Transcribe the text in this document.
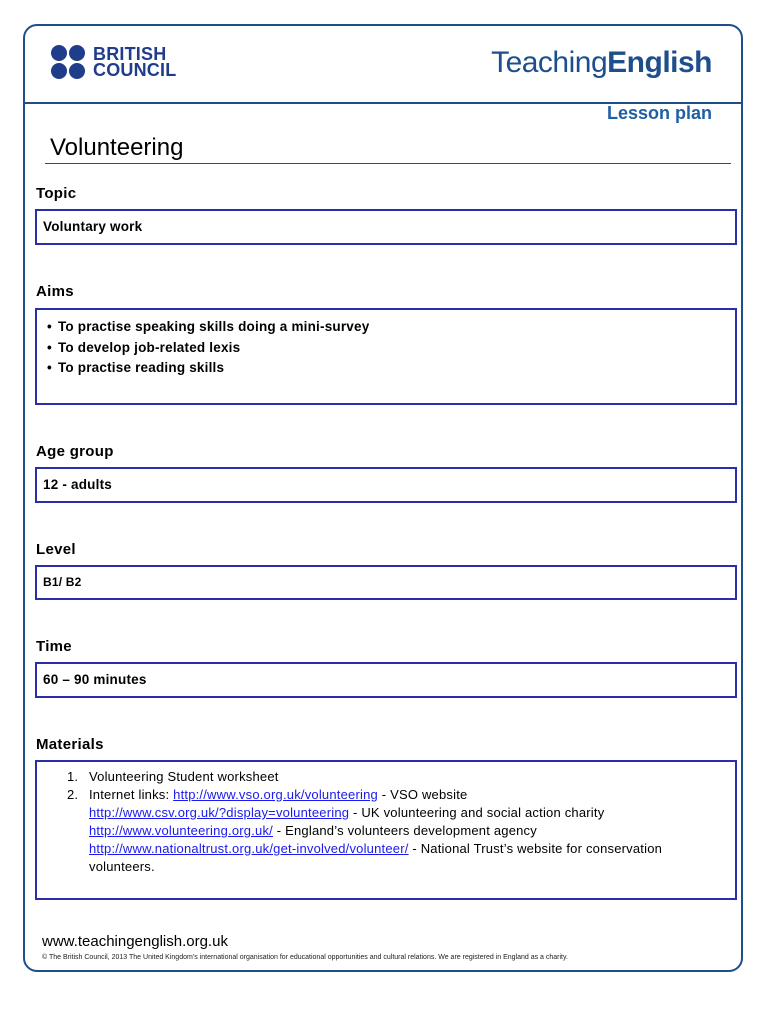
BRITISH
COUNCIL	TeachingEnglish
Lesson plan
Volunteering
Topic
Voluntary work
Aims
• To practise speaking skills doing a mini-survey
• To develop job-related lexis
• To practise reading skills
Age group
12 - adults
Level
B1/ B2
Time
60 – 90 minutes
Materials
1. Volunteering Student worksheet
2. Internet links: http://www.vso.org.uk/volunteering - VSO website
http://www.csv.org.uk/?display=volunteering - UK volunteering and social action charity
http://www.volunteering.org.uk/ - England’s volunteers development agency
http://www.nationaltrust.org.uk/get-involved/volunteer/ - National Trust’s website for conservation
volunteers.
www.teachingenglish.org.uk
© The British Council, 2013 The United Kingdom’s international organisation for educational opportunities and cultural relations. We are registered in England as a charity.
